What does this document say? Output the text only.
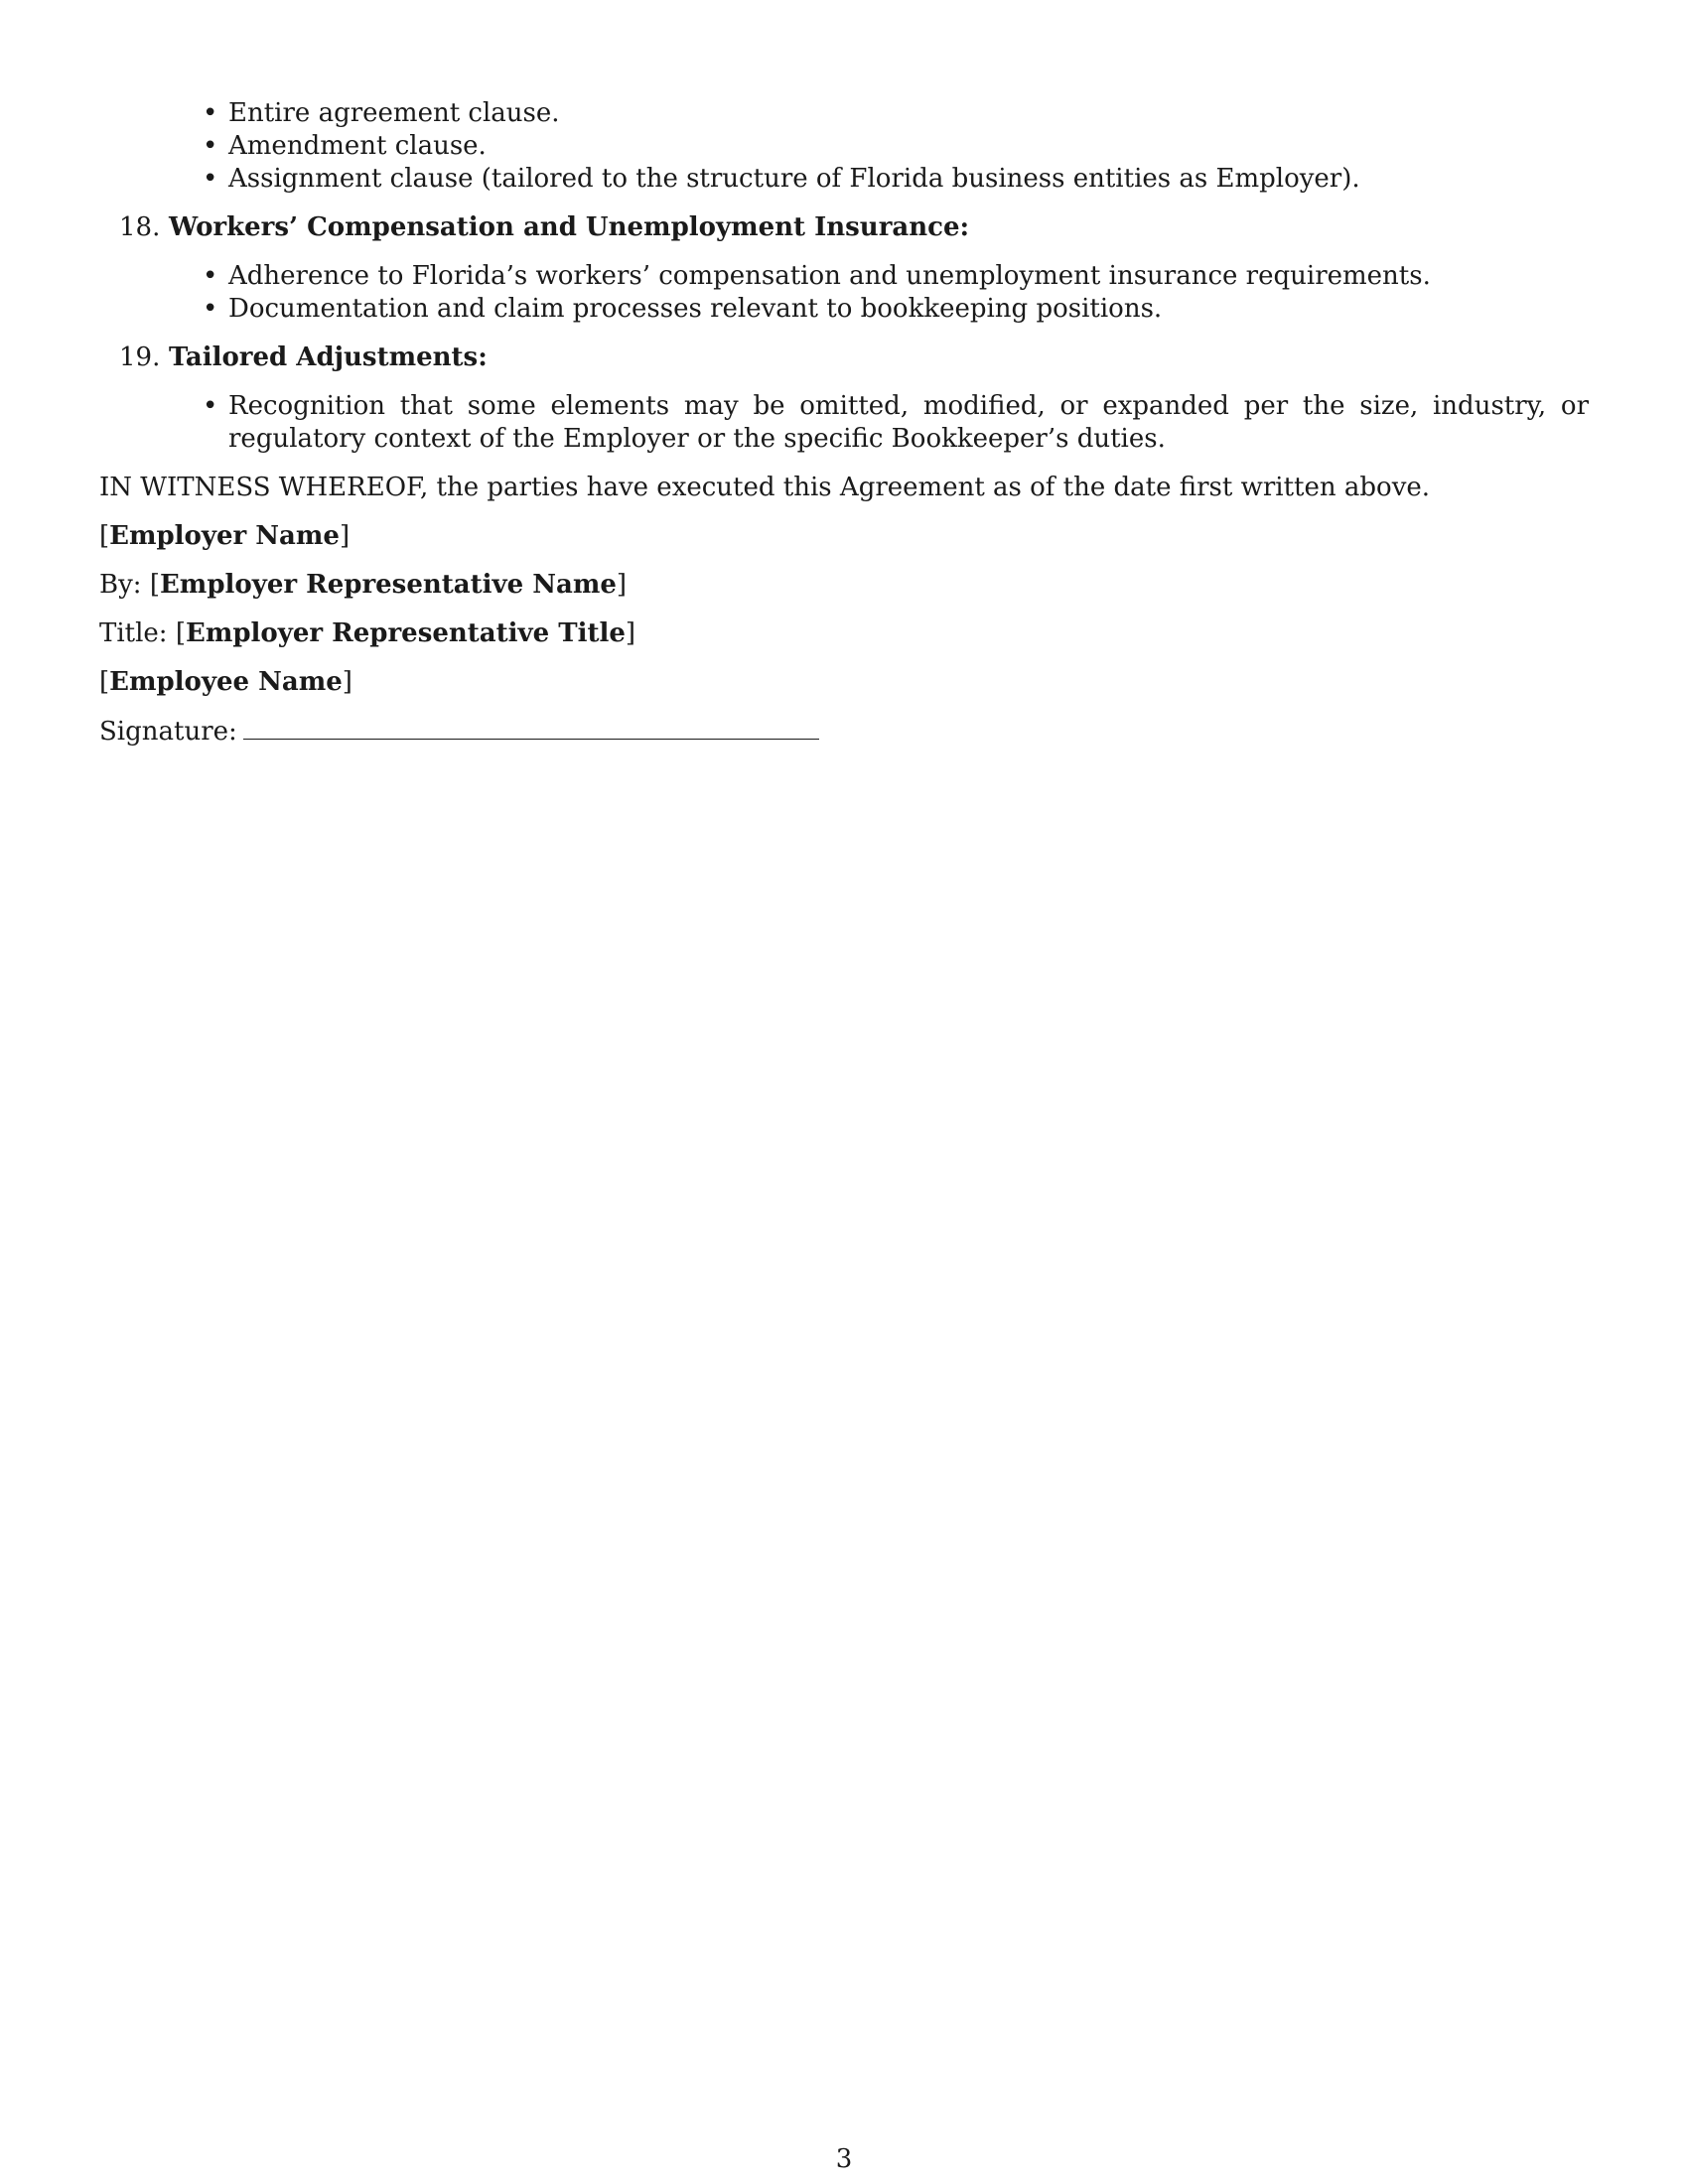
• Entire agreement clause.
• Amendment clause.
• Assignment clause (tailored to the structure of Florida business entities as Employer).
18. Workers’ Compensation and Unemployment Insurance:
• Adherence to Florida’s workers’ compensation and unemployment insurance requirements.
• Documentation and claim processes relevant to bookkeeping positions.
19. Tailored Adjustments:
• Recognition that some elements may be omitted, modified, or expanded per the size, industry, or regulatory context of the Employer or the specific Bookkeeper’s duties.

IN WITNESS WHEREOF, the parties have executed this Agreement as of the date first written above.

[Employer Name]

By: [Employer Representative Name]

Title: [Employer Representative Title]

[Employee Name]

Signature:

3
